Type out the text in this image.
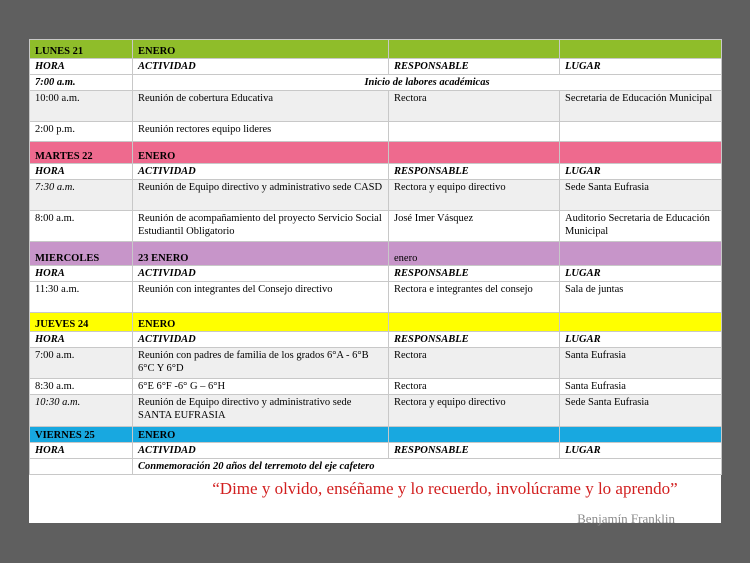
LUNES 21	ENERO		
HORA	ACTIVIDAD	RESPONSABLE	LUGAR
7:00 a.m.	Inicio de labores académicas		
10:00 a.m.	Reunión de cobertura Educativa	Rectora	Secretaria de Educación Municipal
2:00 p.m.	Reunión rectores equipo lideres		
MARTES 22	ENERO		
HORA	ACTIVIDAD	RESPONSABLE	LUGAR
7:30 a.m.	Reunión de Equipo directivo y administrativo sede CASD	Rectora y equipo directivo	Sede Santa Eufrasia
8:00 a.m.	Reunión de acompañamiento del proyecto Servicio Social Estudiantil Obligatorio	José Imer Vásquez	Auditorio Secretaria de Educación Municipal
MIERCOLES	23 ENERO	enero	
HORA	ACTIVIDAD	RESPONSABLE	LUGAR
11:30 a.m.	Reunión con integrantes del Consejo directivo	Rectora e integrantes del consejo	Sala de juntas
JUEVES 24	ENERO		
HORA	ACTIVIDAD	RESPONSABLE	LUGAR
7:00 a.m.	Reunión con padres de familia de los grados 6°A - 6°B 6°C Y 6°D	Rectora	Santa Eufrasia
8:30 a.m.	6°E 6°F -6° G – 6°H	Rectora	Santa Eufrasia
10:30 a.m.	Reunión de Equipo directivo y administrativo sede SANTA EUFRASIA	Rectora y equipo directivo	Sede Santa Eufrasia
VIERNES 25	ENERO		
HORA	ACTIVIDAD	RESPONSABLE	LUGAR
	Conmemoración 20 años del terremoto del eje cafetero		
“Dime y olvido, enséñame y lo recuerdo, involúcrame y lo aprendo”
Benjamín Franklin
